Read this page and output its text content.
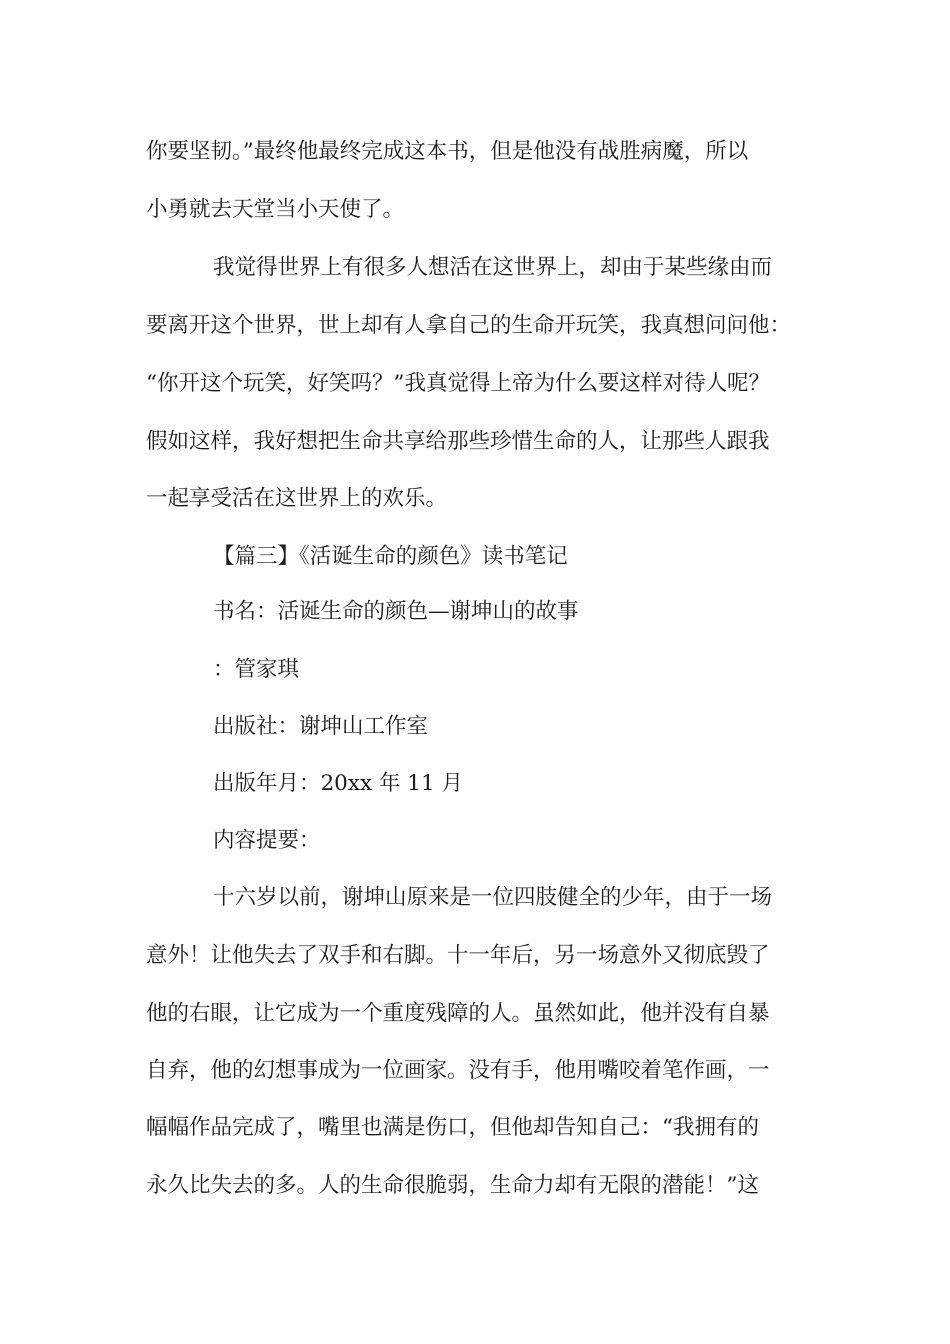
你要坚韧。”最终他最终完成这本书，但是他没有战胜病魔，所以
小勇就去天堂当小天使了。
我觉得世界上有很多人想活在这世界上，却由于某些缘由而
要离开这个世界，世上却有人拿自己的生命开玩笑，我真想问问他：
“你开这个玩笑，好笑吗？”我真觉得上帝为什么要这样对待人呢？
假如这样，我好想把生命共享给那些珍惜生命的人，让那些人跟我
一起享受活在这世界上的欢乐。
【篇三】《活诞生命的颜色》读书笔记
书名：活诞生命的颜色—谢坤山的故事
：管家琪
出版社：谢坤山工作室
出版年月：20xx 年 11 月
内容提要：
十六岁以前，谢坤山原来是一位四肢健全的少年，由于一场
意外！让他失去了双手和右脚。十一年后，另一场意外又彻底毁了
他的右眼，让它成为一个重度残障的人。虽然如此，他并没有自暴
自弃，他的幻想事成为一位画家。没有手，他用嘴咬着笔作画，一
幅幅作品完成了，嘴里也满是伤口，但他却告知自己：“我拥有的
永久比失去的多。人的生命很脆弱，生命力却有无限的潜能！”这
